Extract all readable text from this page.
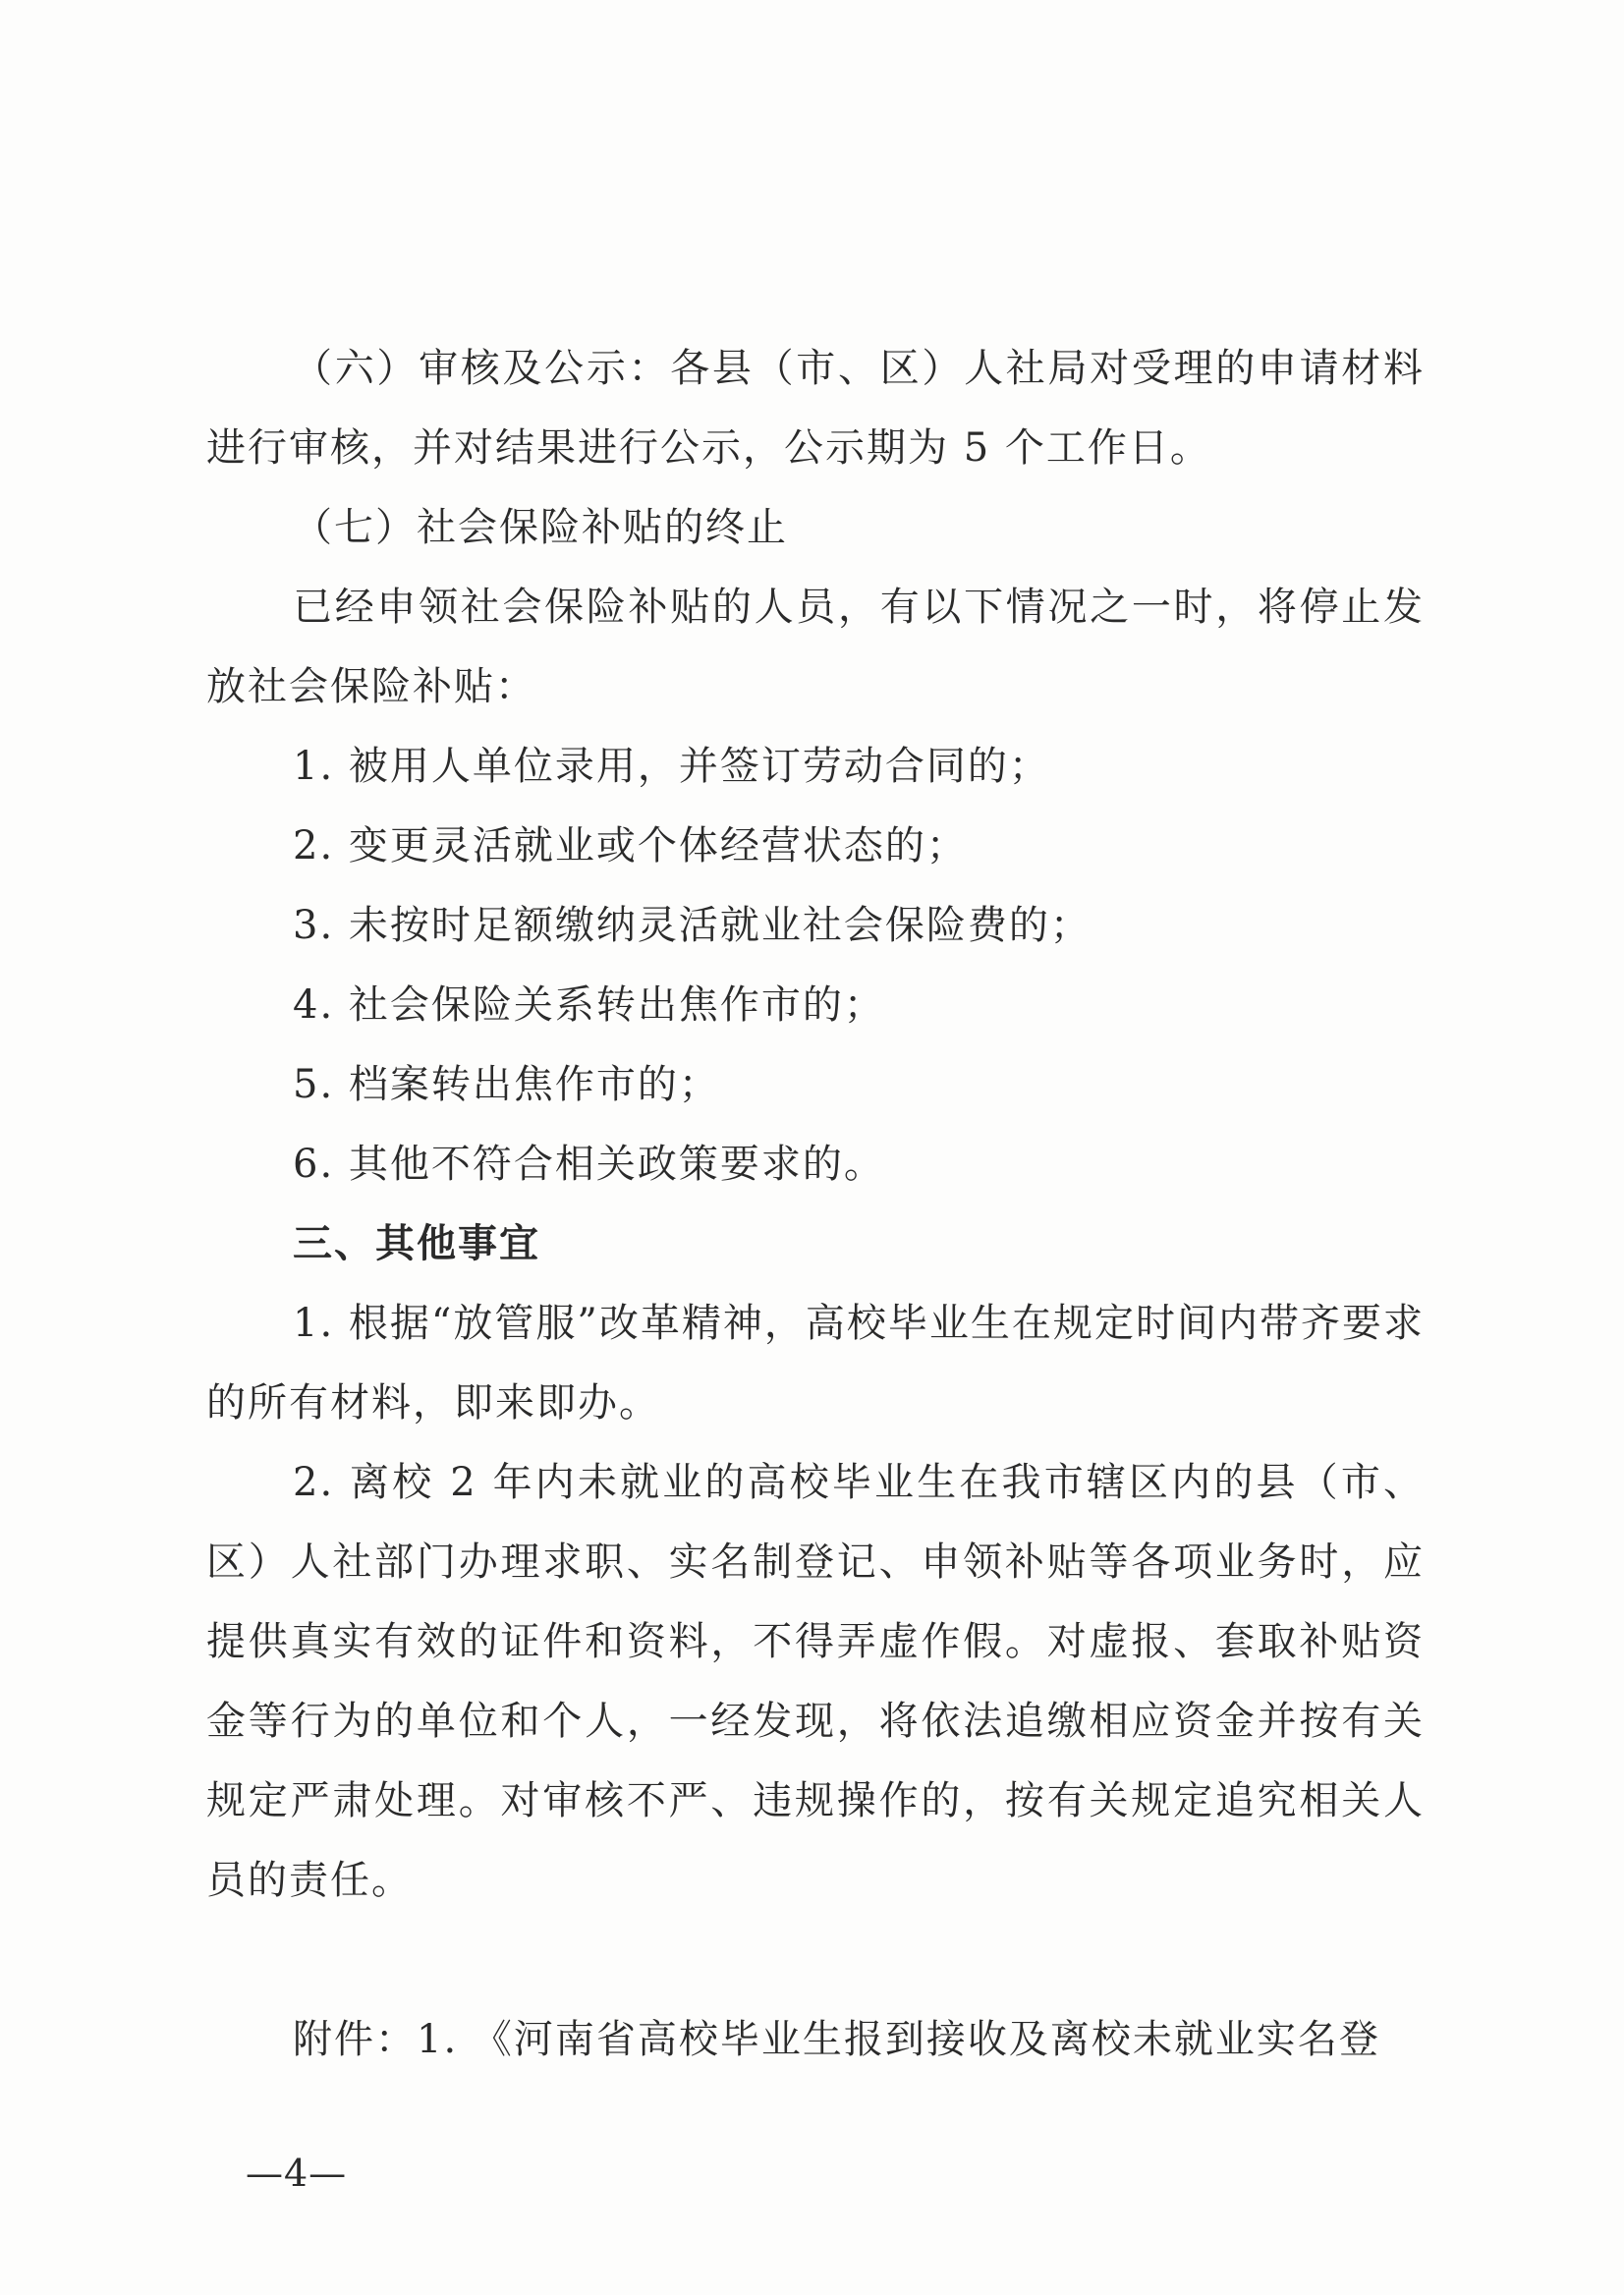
（六）审核及公示：各县（市、区）人社局对受理的申请材料进行审核，并对结果进行公示，公示期为 5 个工作日。

（七）社会保险补贴的终止

已经申领社会保险补贴的人员，有以下情况之一时，将停止发放社会保险补贴：

1. 被用人单位录用，并签订劳动合同的；

2. 变更灵活就业或个体经营状态的；

3. 未按时足额缴纳灵活就业社会保险费的；

4. 社会保险关系转出焦作市的；

5. 档案转出焦作市的；

6. 其他不符合相关政策要求的。

三、其他事宜

1. 根据“放管服”改革精神，高校毕业生在规定时间内带齐要求的所有材料，即来即办。

2. 离校 2 年内未就业的高校毕业生在我市辖区内的县（市、区）人社部门办理求职、实名制登记、申领补贴等各项业务时，应提供真实有效的证件和资料，不得弄虚作假。对虚报、套取补贴资金等行为的单位和个人，一经发现，将依法追缴相应资金并按有关规定严肃处理。对审核不严、违规操作的，按有关规定追究相关人员的责任。

附件：1. 《河南省高校毕业生报到接收及离校未就业实名登

—4—
